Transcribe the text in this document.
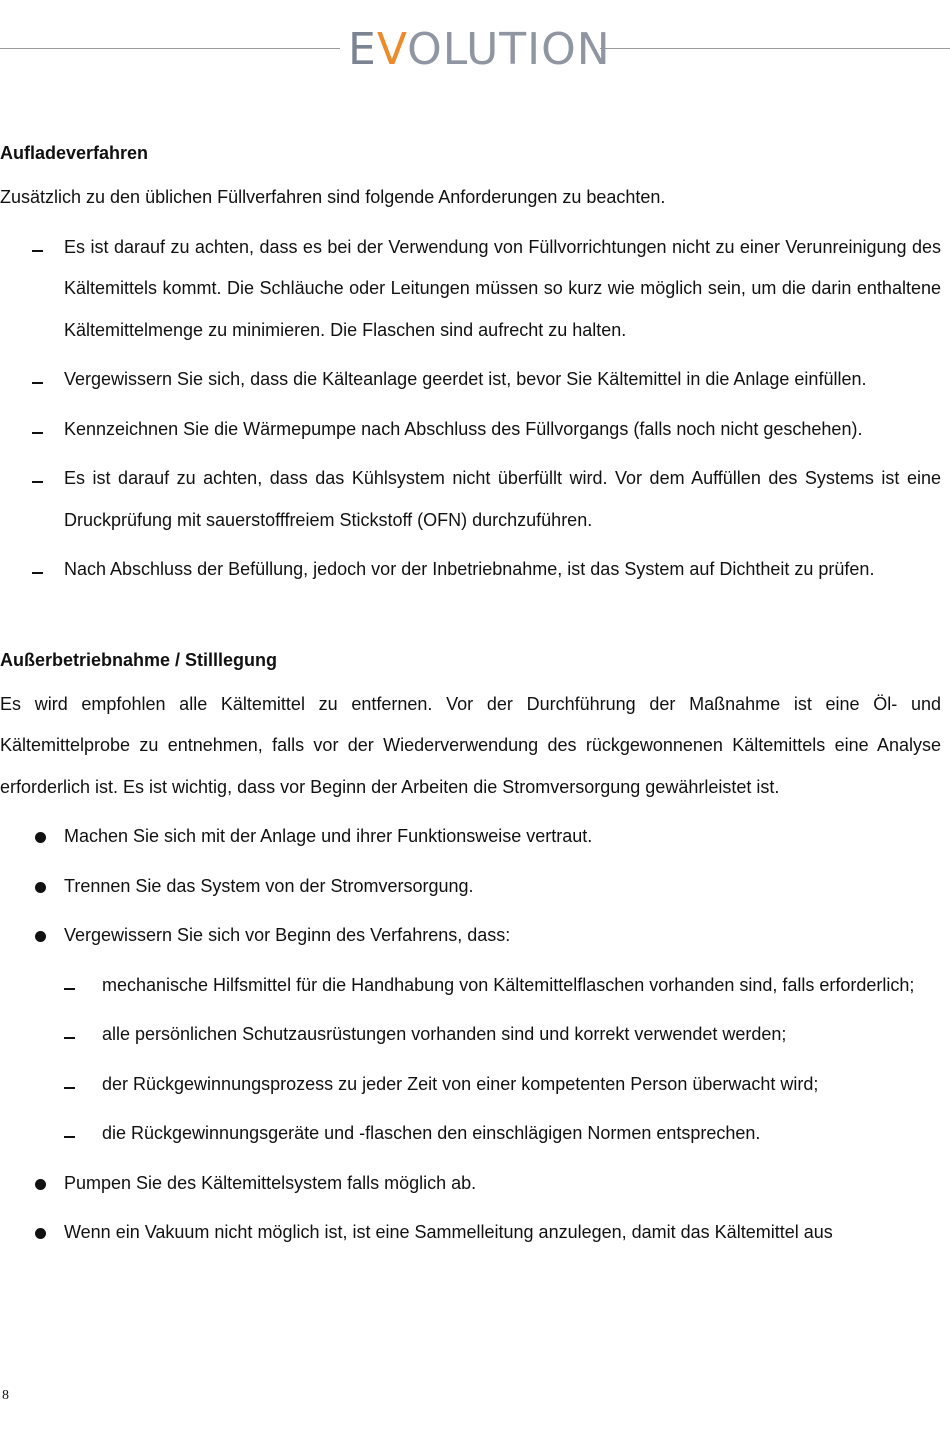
EVOLUTION
Aufladeverfahren

Zusätzlich zu den üblichen Füllverfahren sind folgende Anforderungen zu beachten.

Es ist darauf zu achten, dass es bei der Verwendung von Füllvorrichtungen nicht zu einer Verunreinigung des Kältemittels kommt. Die Schläuche oder Leitungen müssen so kurz wie möglich sein, um die darin enthaltene Kältemittelmenge zu minimieren. Die Flaschen sind aufrecht zu halten.
Vergewissern Sie sich, dass die Kälteanlage geerdet ist, bevor Sie Kältemittel in die Anlage einfüllen.
Kennzeichnen Sie die Wärmepumpe nach Abschluss des Füllvorgangs (falls noch nicht geschehen).
Es ist darauf zu achten, dass das Kühlsystem nicht überfüllt wird. Vor dem Auffüllen des Systems ist eine Druckprüfung mit sauerstofffreiem Stickstoff (OFN) durchzuführen.
Nach Abschluss der Befüllung, jedoch vor der Inbetriebnahme, ist das System auf Dichtheit zu prüfen.
Außerbetriebnahme / Stilllegung

Es wird empfohlen alle Kältemittel zu entfernen. Vor der Durchführung der Maßnahme ist eine Öl- und Kältemittelprobe zu entnehmen, falls vor der Wiederverwendung des rückgewonnenen Kältemittels eine Analyse erforderlich ist. Es ist wichtig, dass vor Beginn der Arbeiten die Stromversorgung gewährleistet ist.

Machen Sie sich mit der Anlage und ihrer Funktionsweise vertraut.
Trennen Sie das System von der Stromversorgung.
Vergewissern Sie sich vor Beginn des Verfahrens, dass:
mechanische Hilfsmittel für die Handhabung von Kältemittelflaschen vorhanden sind, falls erforderlich;
alle persönlichen Schutzausrüstungen vorhanden sind und korrekt verwendet werden;
der Rückgewinnungsprozess zu jeder Zeit von einer kompetenten Person überwacht wird;
die Rückgewinnungsgeräte und -flaschen den einschlägigen Normen entsprechen.
Pumpen Sie des Kältemittelsystem falls möglich ab.
Wenn ein Vakuum nicht möglich ist, ist eine Sammelleitung anzulegen, damit das Kältemittel aus
8
